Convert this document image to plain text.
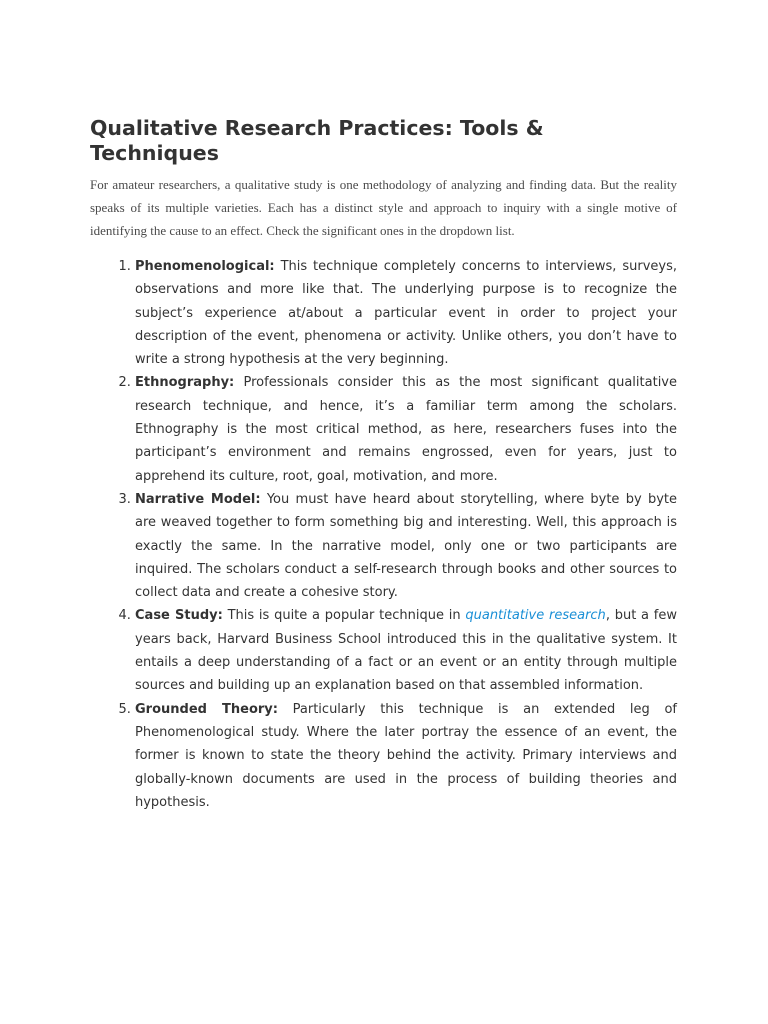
Qualitative Research Practices: Tools & Techniques

For amateur researchers, a qualitative study is one methodology of analyzing and finding data. But the reality speaks of its multiple varieties. Each has a distinct style and approach to inquiry with a single motive of identifying the cause to an effect. Check the significant ones in the dropdown list.

1. Phenomenological: This technique completely concerns to interviews, surveys, observations and more like that. The underlying purpose is to recognize the subject’s experience at/about a particular event in order to project your description of the event, phenomena or activity. Unlike others, you don’t have to write a strong hypothesis at the very beginning.
2. Ethnography: Professionals consider this as the most significant qualitative research technique, and hence, it’s a familiar term among the scholars. Ethnography is the most critical method, as here, researchers fuses into the participant’s environment and remains engrossed, even for years, just to apprehend its culture, root, goal, motivation, and more.
3. Narrative Model: You must have heard about storytelling, where byte by byte are weaved together to form something big and interesting. Well, this approach is exactly the same. In the narrative model, only one or two participants are inquired. The scholars conduct a self-research through books and other sources to collect data and create a cohesive story.
4. Case Study: This is quite a popular technique in quantitative research, but a few years back, Harvard Business School introduced this in the qualitative system. It entails a deep understanding of a fact or an event or an entity through multiple sources and building up an explanation based on that assembled information.
5. Grounded Theory: Particularly this technique is an extended leg of Phenomenological study. Where the later portray the essence of an event, the former is known to state the theory behind the activity. Primary interviews and globally-known documents are used in the process of building theories and hypothesis.
